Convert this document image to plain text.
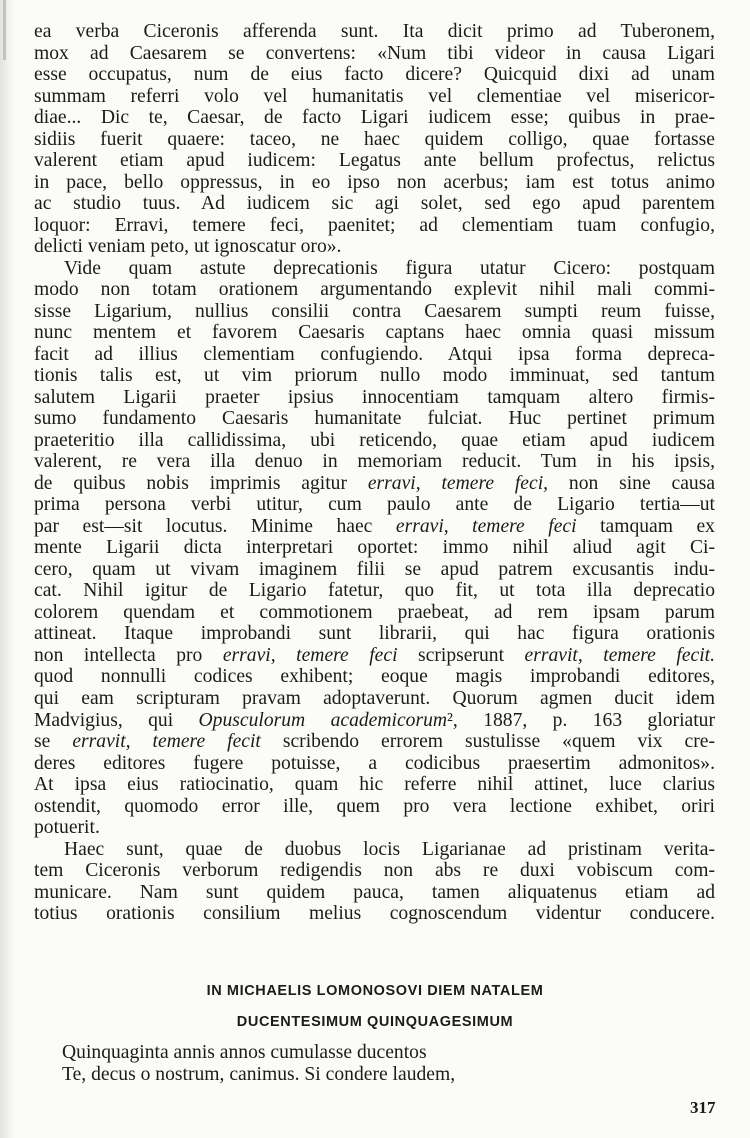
ea verba Ciceronis afferenda sunt. Ita dicit primo ad Tuberonem,
mox ad Caesarem se convertens: «Num tibi videor in causa Ligari
esse occupatus, num de eius facto dicere? Quicquid dixi ad unam
summam referri volo vel humanitatis vel clementiae vel misericor-
diae... Dic te, Caesar, de facto Ligari iudicem esse; quibus in prae-
sidiis fuerit quaere: taceo, ne haec quidem colligo, quae fortasse
valerent etiam apud iudicem: Legatus ante bellum profectus, relictus
in pace, bello oppressus, in eo ipso non acerbus; iam est totus animo
ac studio tuus. Ad iudicem sic agi solet, sed ego apud parentem
loquor: Erravi, temere feci, paenitet; ad clementiam tuam confugio,
delicti veniam peto, ut ignoscatur oro».
Vide quam astute deprecationis figura utatur Cicero: postquam
modo non totam orationem argumentando explevit nihil mali commi-
sisse Ligarium, nullius consilii contra Caesarem sumpti reum fuisse,
nunc mentem et favorem Caesaris captans haec omnia quasi missum
facit ad illius clementiam confugiendo. Atqui ipsa forma depreca-
tionis talis est, ut vim priorum nullo modo imminuat, sed tantum
salutem Ligarii praeter ipsius innocentiam tamquam altero firmis-
sumo fundamento Caesaris humanitate fulciat. Huc pertinet primum
praeteritio illa callidissima, ubi reticendo, quae etiam apud iudicem
valerent, re vera illa denuo in memoriam reducit. Tum in his ipsis,
de quibus nobis imprimis agitur erravi, temere feci, non sine causa
prima persona verbi utitur, cum paulo ante de Ligario tertia—ut
par est—sit locutus. Minime haec erravi, temere feci tamquam ex
mente Ligarii dicta interpretari oportet: immo nihil aliud agit Ci-
cero, quam ut vivam imaginem filii se apud patrem excusantis indu-
cat. Nihil igitur de Ligario fatetur, quo fit, ut tota illa deprecatio
colorem quendam et commotionem praebeat, ad rem ipsam parum
attineat. Itaque improbandi sunt librarii, qui hac figura orationis
non intellecta pro erravi, temere feci scripserunt erravit, temere fecit.
quod nonnulli codices exhibent; eoque magis improbandi editores,
qui eam scripturam pravam adoptaverunt. Quorum agmen ducit idem
Madvigius, qui Opusculorum academicorum², 1887, p. 163 gloriatur
se erravit, temere fecit scribendo errorem sustulisse «quem vix cre-
deres editores fugere potuisse, a codicibus praesertim admonitos».
At ipsa eius ratiocinatio, quam hic referre nihil attinet, luce clarius
ostendit, quomodo error ille, quem pro vera lectione exhibet, oriri
potuerit.
Haec sunt, quae de duobus locis Ligarianae ad pristinam verita-
tem Ciceronis verborum redigendis non abs re duxi vobiscum com-
municare. Nam sunt quidem pauca, tamen aliquatenus etiam ad
totius orationis consilium melius cognoscendum videntur conducere.
IN MICHAELIS LOMONOSOVI DIEM NATALEM
DUCENTESIMUM QUINQUAGESIMUM
Quinquaginta annis annos cumulasse ducentos
Te, decus o nostrum, canimus. Si condere laudem,
317
